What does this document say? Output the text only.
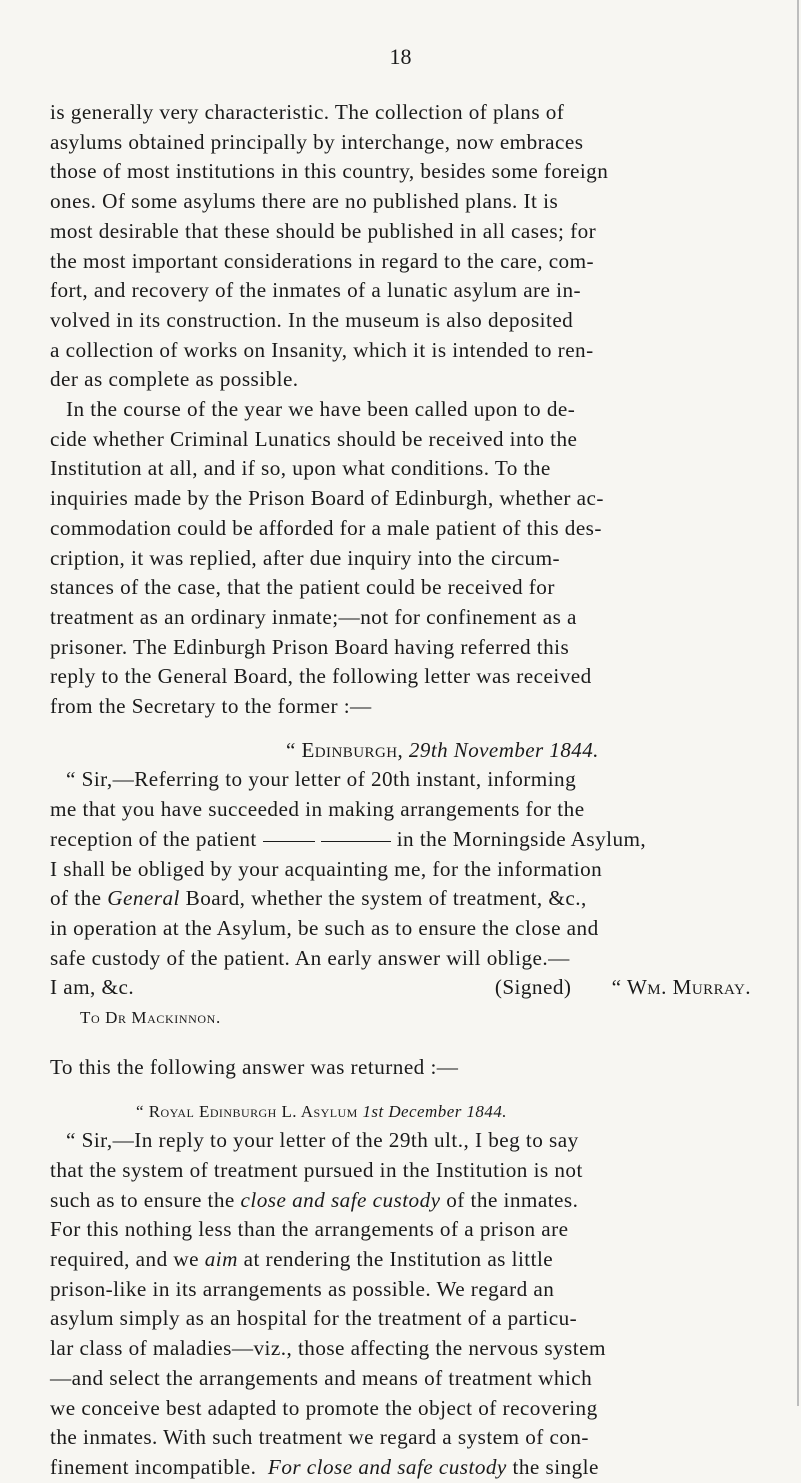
18
is generally very characteristic. The collection of plans of
asylums obtained principally by interchange, now embraces
those of most institutions in this country, besides some foreign
ones. Of some asylums there are no published plans. It is
most desirable that these should be published in all cases; for
the most important considerations in regard to the care, com-
fort, and recovery of the inmates of a lunatic asylum are in-
volved in its construction. In the museum is also deposited
a collection of works on Insanity, which it is intended to ren-
der as complete as possible.
In the course of the year we have been called upon to de-
cide whether Criminal Lunatics should be received into the
Institution at all, and if so, upon what conditions. To the
inquiries made by the Prison Board of Edinburgh, whether ac-
commodation could be afforded for a male patient of this des-
cription, it was replied, after due inquiry into the circum-
stances of the case, that the patient could be received for
treatment as an ordinary inmate;—not for confinement as a
prisoner. The Edinburgh Prison Board having referred this
reply to the General Board, the following letter was received
from the Secretary to the former :—
“ Edinburgh, 29th November 1844.
“ Sir,—Referring to your letter of 20th instant, informing
me that you have succeeded in making arrangements for the
reception of the patient	in the Morningside Asylum,
I shall be obliged by your acquainting me, for the information
of the General Board, whether the system of treatment, &c.,
in operation at the Asylum, be such as to ensure the close and
safe custody of the patient. An early answer will oblige.—
I am, &c.	(Signed) “ Wm. Murray.
To Dr Mackinnon.
To this the following answer was returned :—
“ Royal Edinburgh L. Asylum 1st December 1844.
“ Sir,—In reply to your letter of the 29th ult., I beg to say
that the system of treatment pursued in the Institution is not
such as to ensure the close and safe custody of the inmates.
For this nothing less than the arrangements of a prison are
required, and we aim at rendering the Institution as little
prison-like in its arrangements as possible. We regard an
asylum simply as an hospital for the treatment of a particu-
lar class of maladies—viz., those affecting the nervous system
—and select the arrangements and means of treatment which
we conceive best adapted to promote the object of recovering
the inmates. With such treatment we regard a system of con-
finement incompatible. For close and safe custody the single
